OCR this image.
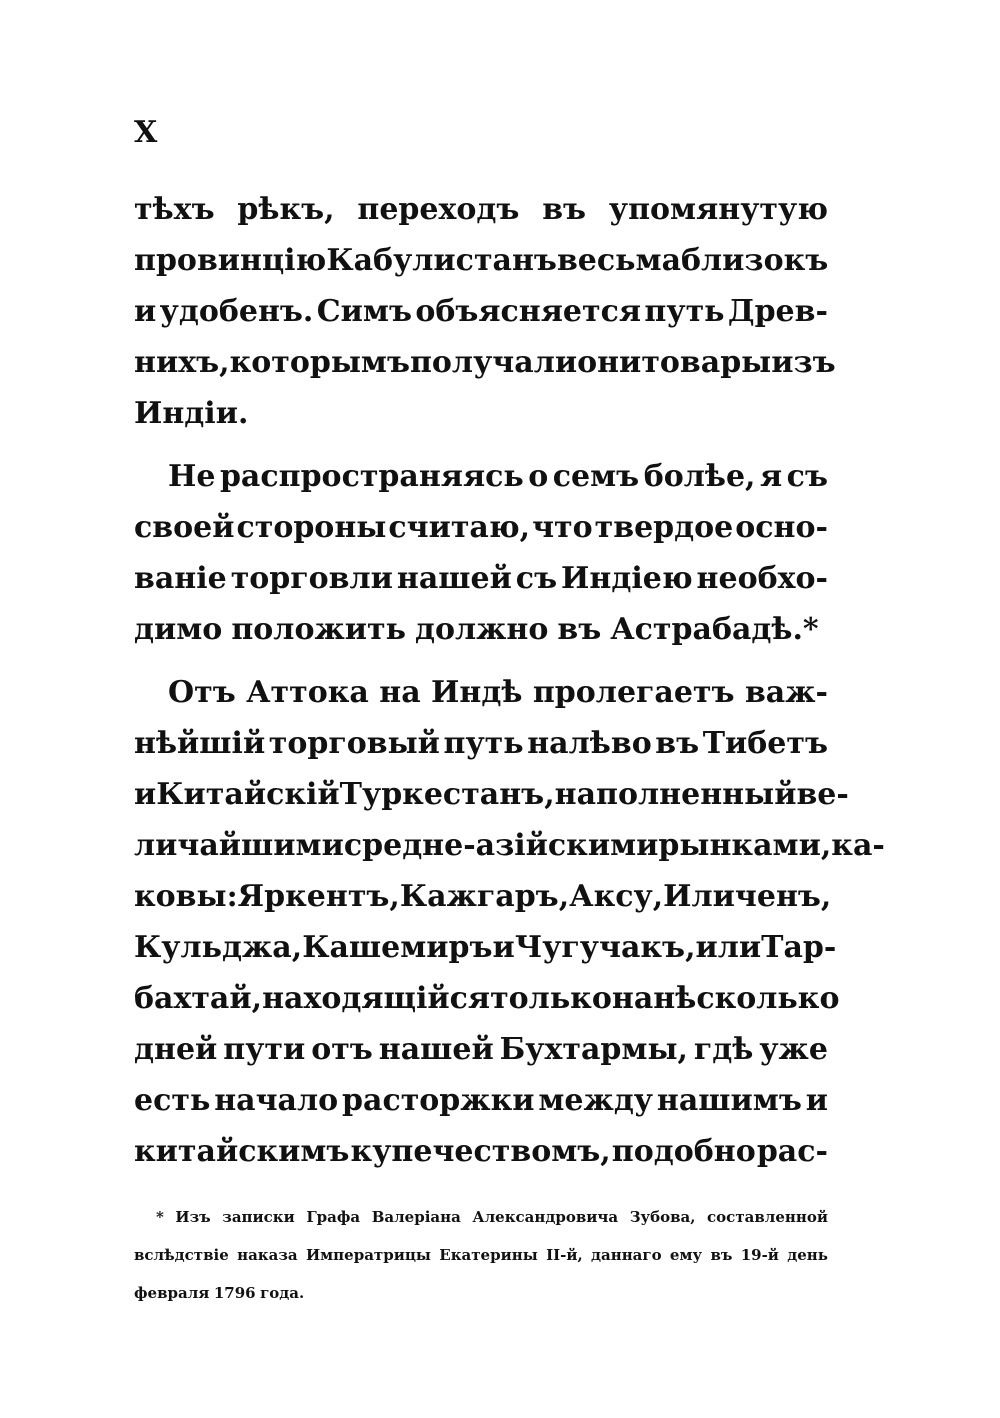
X
тѣхъ рѣкъ, переходъ въ упомянутую
провинцію Кабулистанъ весьма близокъ
и удобенъ. Симъ объясняется путь Древ-
нихъ, которымъ получали они товары изъ
Индіи.
Не распространяясь о семъ болѣе, я съ
своей стороны считаю, что твердое осно-
ваніе торговли нашей съ Индіею необхо-
димо положить должно въ Астрабадѣ.*
Отъ Аттока на Индѣ пролегаетъ важ-
нѣйшій торговый путь налѣво въ Тибетъ
и Китайскій Туркестанъ, наполненный ве-
личайшими средне-азійскими рынками, ка-
ковы: Яркентъ, Кажгаръ, Аксу, Иличенъ,
Кульджа, Кашемиръ и Чугучакъ, или Тар-
бахтай, находящійся только на нѣсколько
дней пути отъ нашей Бухтармы, гдѣ уже
есть начало расторжки между нашимъ и
китайскимъ купечествомъ, подобно рас-
* Изъ записки Графа Валеріана Александровича Зубова, составленной
вслѣдствіе наказа Императрицы Екатерины II-й, даннаго ему въ 19-й день
февраля 1796 года.
